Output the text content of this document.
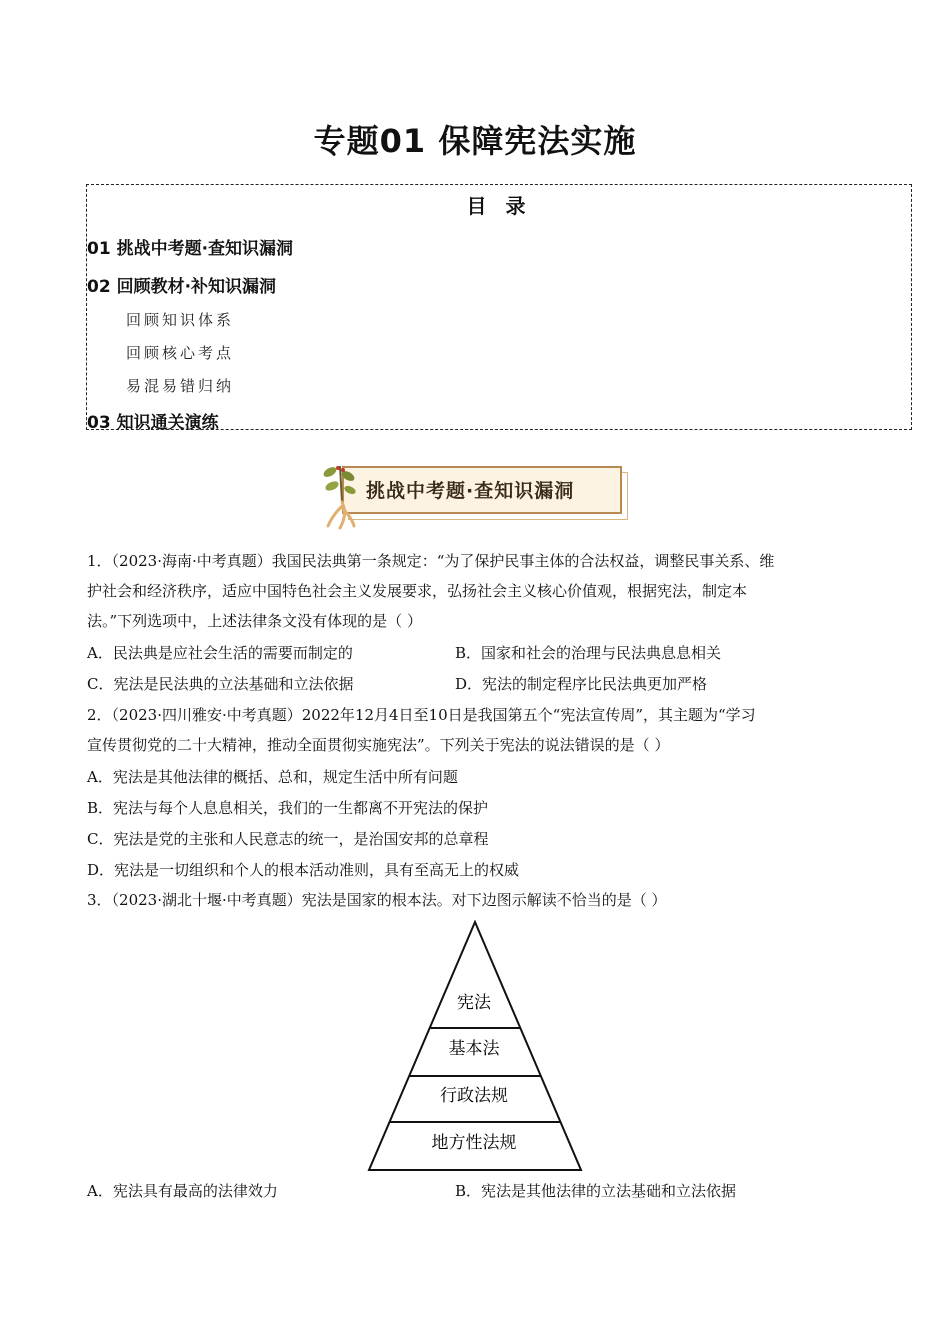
专题01 保障宪法实施
目 录
01 挑战中考题·查知识漏洞
02 回顾教材·补知识漏洞
回顾知识体系
回顾核心考点
易混易错归纳
03 知识通关演练
挑战中考题·查知识漏洞
1．（2023·海南·中考真题）我国民法典第一条规定：“为了保护民事主体的合法权益，调整民事关系、维
护社会和经济秩序，适应中国特色社会主义发展要求，弘扬社会主义核心价值观，根据宪法，制定本
法。”下列选项中，上述法律条文没有体现的是（ ）
A．民法典是应社会生活的需要而制定的	B．国家和社会的治理与民法典息息相关
C．宪法是民法典的立法基础和立法依据	D．宪法的制定程序比民法典更加严格
2．（2023·四川雅安·中考真题）2022年12月4日至10日是我国第五个“宪法宣传周”，其主题为“学习
宣传贯彻党的二十大精神，推动全面贯彻实施宪法”。下列关于宪法的说法错误的是（ ）
A．宪法是其他法律的概括、总和，规定生活中所有问题
B．宪法与每个人息息相关，我们的一生都离不开宪法的保护
C．宪法是党的主张和人民意志的统一，是治国安邦的总章程
D．宪法是一切组织和个人的根本活动准则，具有至高无上的权威
3．（2023·湖北十堰·中考真题）宪法是国家的根本法。对下边图示解读不恰当的是（ ）
宪法
基本法
行政法规
地方性法规
A．宪法具有最高的法律效力	B．宪法是其他法律的立法基础和立法依据
